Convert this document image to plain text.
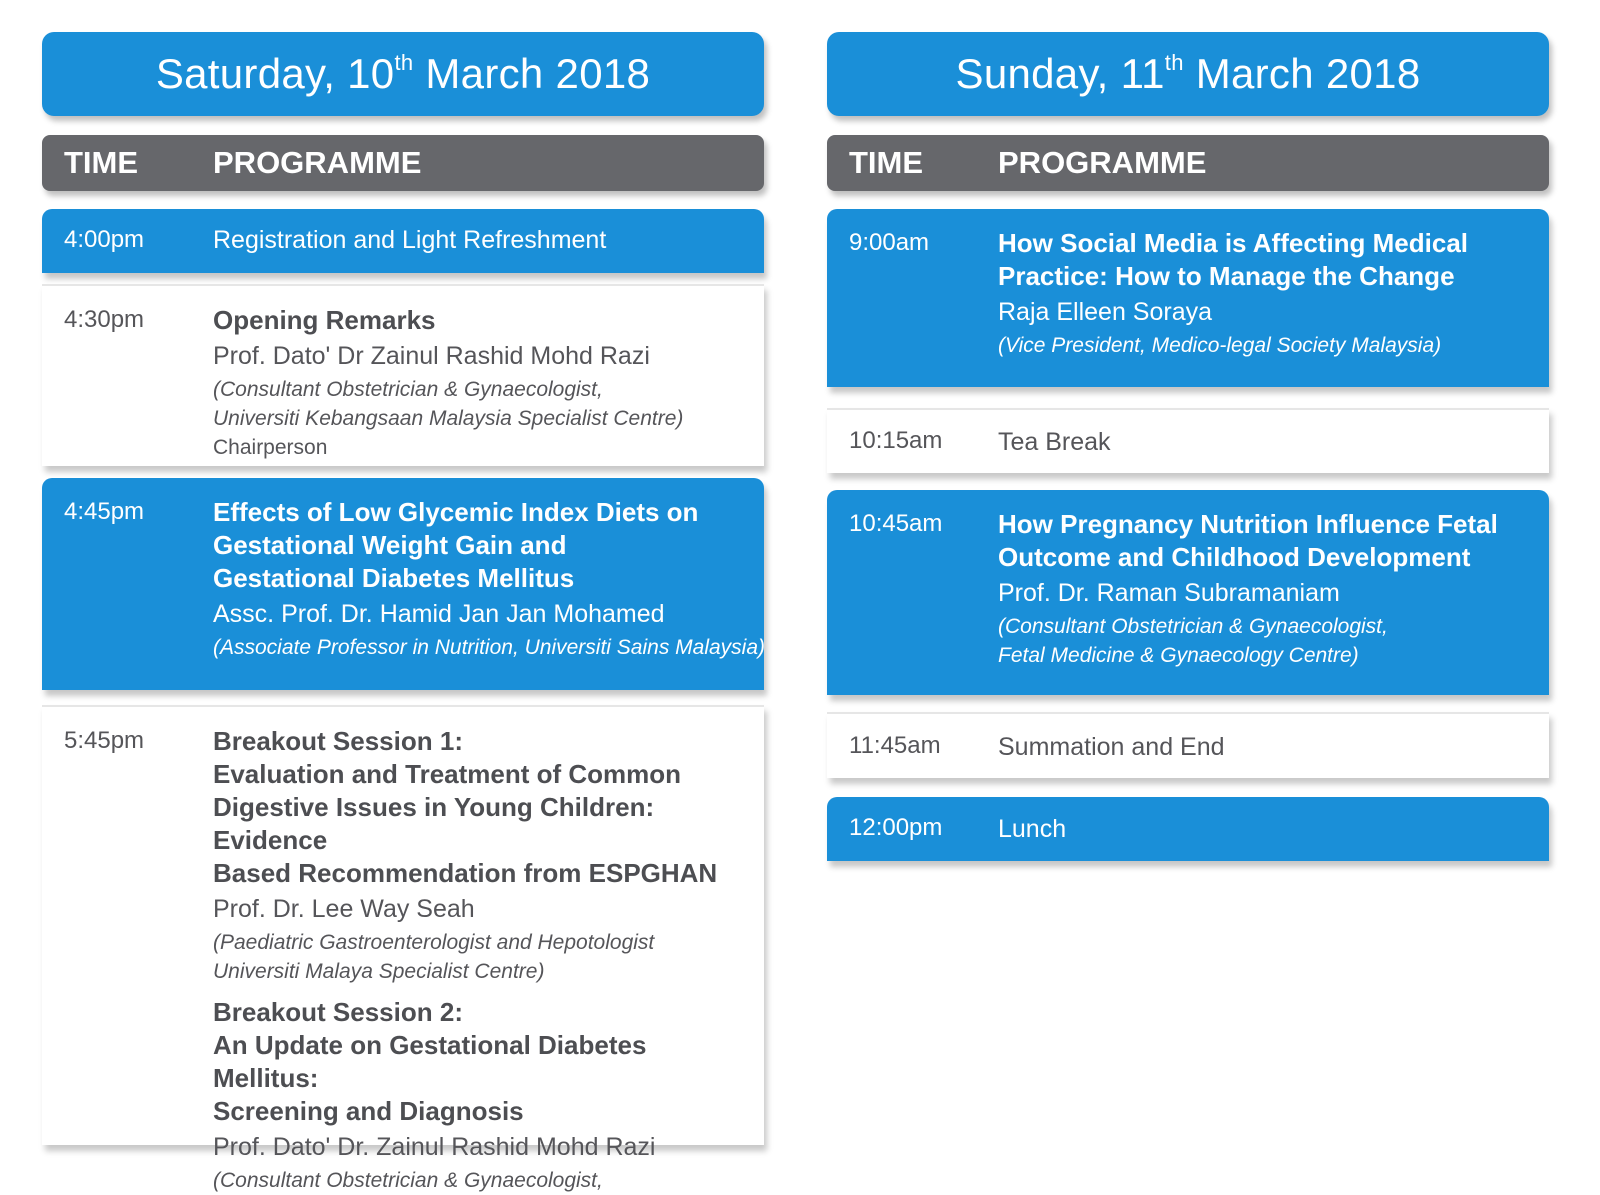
Saturday, 10th March 2018
TIME PROGRAMME
4:00pm	Registration and Light Refreshment
4:30pm	Opening Remarks
Prof. Dato' Dr Zainul Rashid Mohd Razi
(Consultant Obstetrician & Gynaecologist,
Universiti Kebangsaan Malaysia Specialist Centre)
Chairperson
4:45pm	Effects of Low Glycemic Index Diets on
Gestational Weight Gain and
Gestational Diabetes Mellitus
Assc. Prof. Dr. Hamid Jan Jan Mohamed
(Associate Professor in Nutrition, Universiti Sains Malaysia)
5:45pm	Breakout Session 1:
Evaluation and Treatment of Common
Digestive Issues in Young Children: Evidence
Based Recommendation from ESPGHAN
Prof. Dr. Lee Way Seah
(Paediatric Gastroenterologist and Hepotologist
Universiti Malaya Specialist Centre)
Breakout Session 2:
An Update on Gestational Diabetes Mellitus:
Screening and Diagnosis
Prof. Dato' Dr. Zainul Rashid Mohd Razi
(Consultant Obstetrician & Gynaecologist,
Sunday, 11th March 2018
TIME PROGRAMME
9:00am	How Social Media is Affecting Medical
Practice: How to Manage the Change
Raja Elleen Soraya
(Vice President, Medico-legal Society Malaysia)
10:15am Tea Break
10:45am How Pregnancy Nutrition Influence Fetal
Outcome and Childhood Development
Prof. Dr. Raman Subramaniam
(Consultant Obstetrician & Gynaecologist,
Fetal Medicine & Gynaecology Centre)
11:45am Summation and End
12:00pm Lunch
